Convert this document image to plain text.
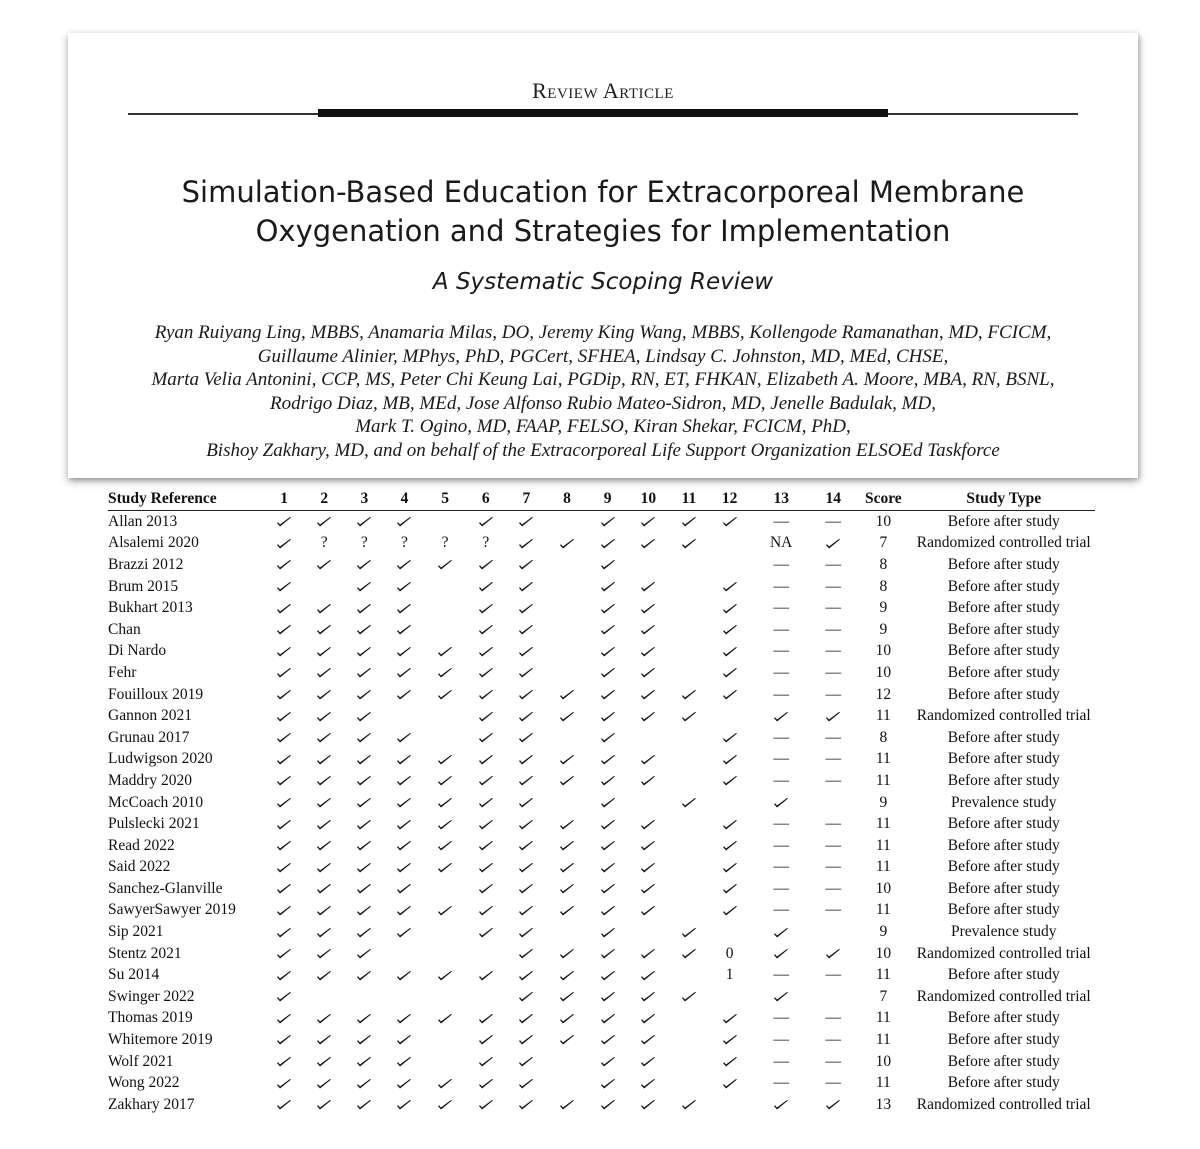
Review Article
Simulation-Based Education for Extracorporeal Membrane
Oxygenation and Strategies for Implementation
A Systematic Scoping Review
Ryan Ruiyang Ling, MBBS, Anamaria Milas, DO, Jeremy King Wang, MBBS, Kollengode Ramanathan, MD, FCICM,
Guillaume Alinier, MPhys, PhD, PGCert, SFHEA, Lindsay C. Johnston, MD, MEd, CHSE,
Marta Velia Antonini, CCP, MS, Peter Chi Keung Lai, PGDip, RN, ET, FHKAN, Elizabeth A. Moore, MBA, RN, BSNL,
Rodrigo Diaz, MB, MEd, Jose Alfonso Rubio Mateo-Sidron, MD, Jenelle Badulak, MD,
Mark T. Ogino, MD, FAAP, FELSO, Kiran Shekar, FCICM, PhD,
Bishoy Zakhary, MD, and on behalf of the Extracorporeal Life Support Organization ELSOEd Taskforce
Study Reference	1	2	3	4	5	6	7	8	9	10	11	12	13	14	Score	Study Type
Allan 2013													—	—	10	Before after study
Alsalemi 2020		?	?	?	?	?							NA		7	Randomized controlled trial
Brazzi 2012													—	—	8	Before after study
Brum 2015													—	—	8	Before after study
Bukhart 2013													—	—	9	Before after study
Chan													—	—	9	Before after study
Di Nardo													—	—	10	Before after study
Fehr													—	—	10	Before after study
Fouilloux 2019													—	—	12	Before after study
Gannon 2021															11	Randomized controlled trial
Grunau 2017													—	—	8	Before after study
Ludwigson 2020													—	—	11	Before after study
Maddry 2020													—	—	11	Before after study
McCoach 2010															9	Prevalence study
Pulslecki 2021													—	—	11	Before after study
Read 2022													—	—	11	Before after study
Said 2022													—	—	11	Before after study
Sanchez-Glanville													—	—	10	Before after study
SawyerSawyer 2019													—	—	11	Before after study
Sip 2021															9	Prevalence study
Stentz 2021												0			10	Randomized controlled trial
Su 2014												1	—	—	11	Before after study
Swinger 2022															7	Randomized controlled trial
Thomas 2019													—	—	11	Before after study
Whitemore 2019													—	—	11	Before after study
Wolf 2021													—	—	10	Before after study
Wong 2022													—	—	11	Before after study
Zakhary 2017															13	Randomized controlled trial
